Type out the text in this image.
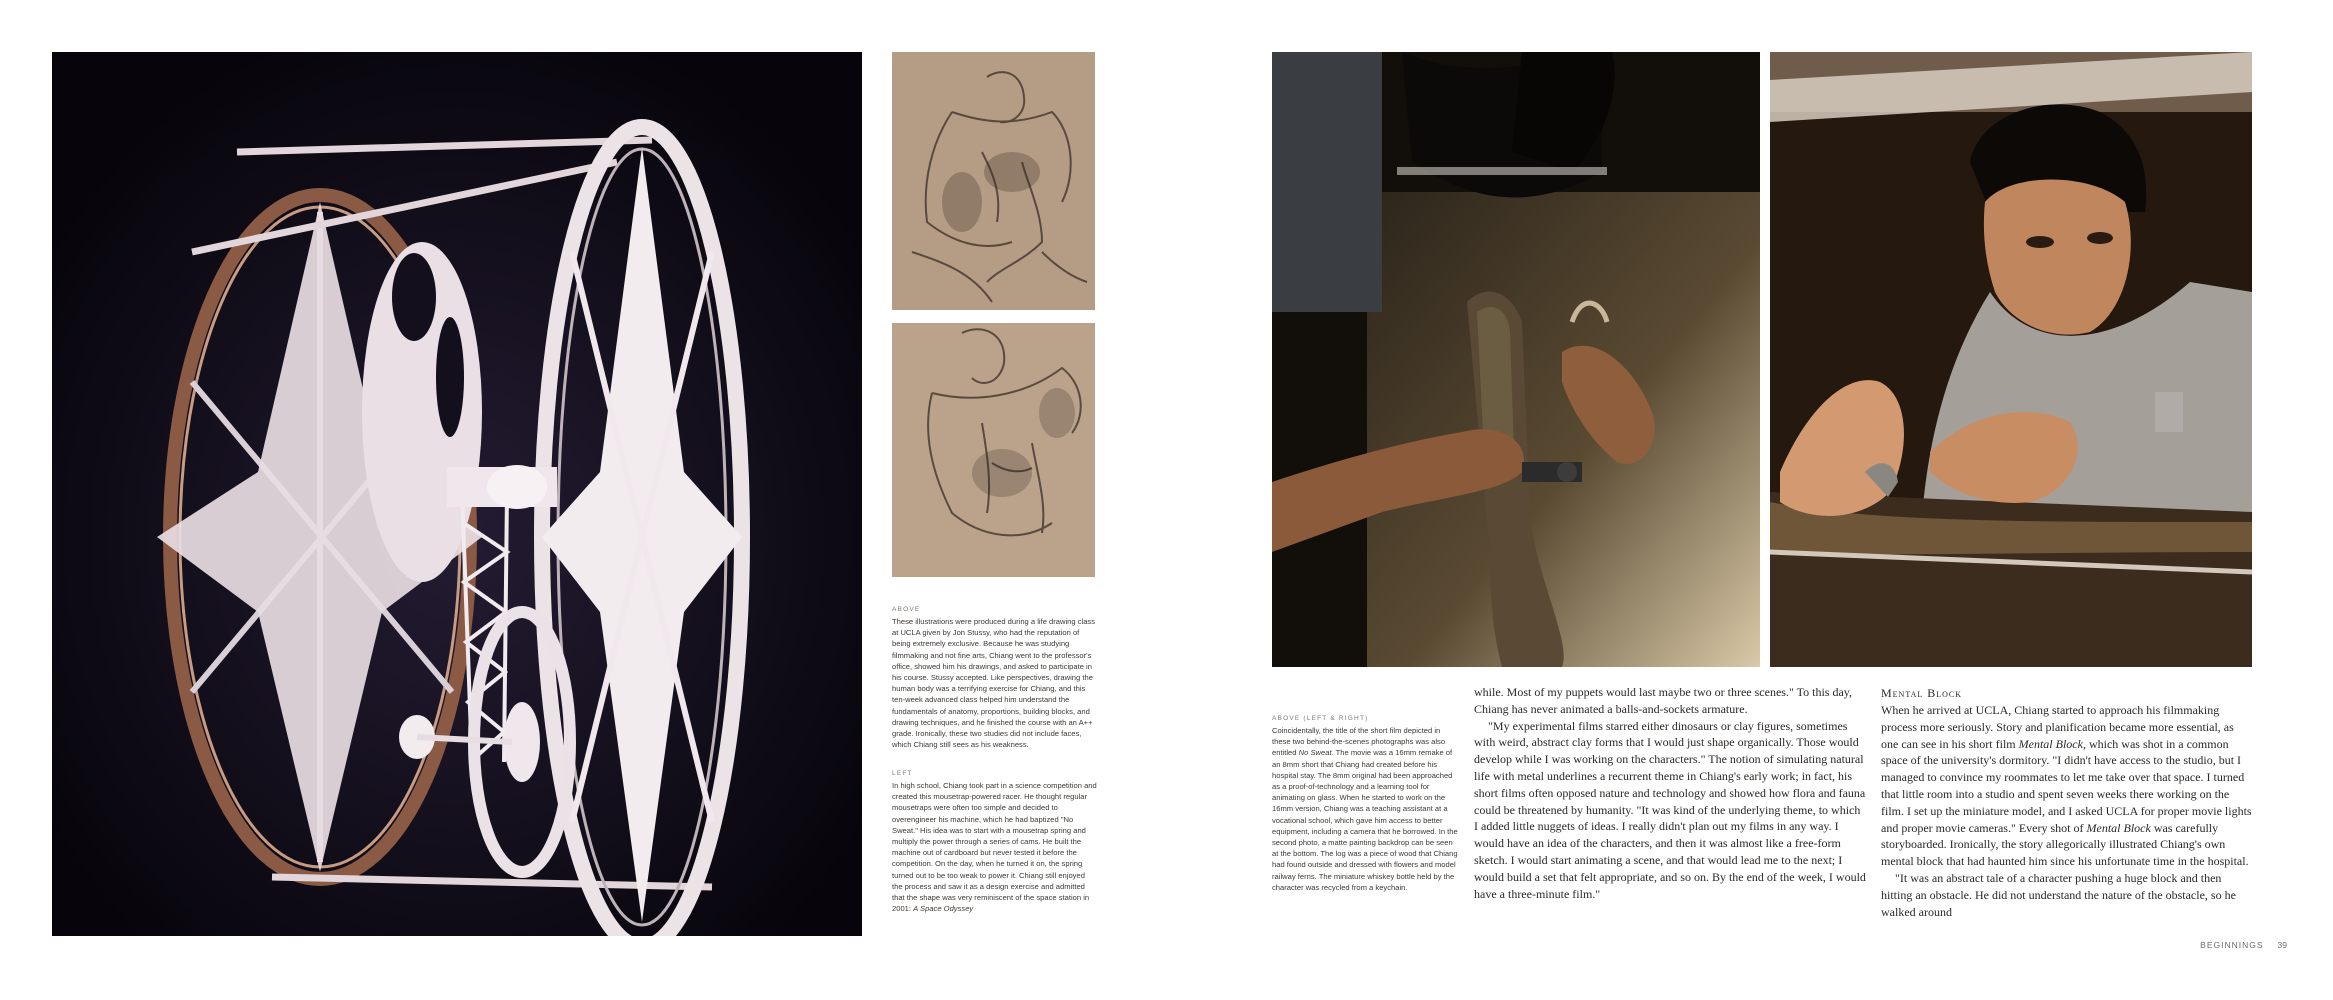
ABOVE

These illustrations were produced during a life drawing class at UCLA given by Jon Stussy, who had the reputation of being extremely exclusive. Because he was studying filmmaking and not fine arts, Chiang went to the professor's office, showed him his drawings, and asked to participate in his course. Stussy accepted. Like perspectives, drawing the human body was a terrifying exercise for Chiang, and this ten-week advanced class helped him understand the fundamentals of anatomy, proportions, building blocks, and drawing techniques, and he finished the course with an A++ grade. Ironically, these two studies did not include faces, which Chiang still sees as his weakness.

LEFT

In high school, Chiang took part in a science competition and created this mousetrap-powered racer. He thought regular mousetraps were often too simple and decided to overengineer his machine, which he had baptized "No Sweat." His idea was to start with a mousetrap spring and multiply the power through a series of cams. He built the machine out of cardboard but never tested it before the competition. On the day, when he turned it on, the spring turned out to be too weak to power it. Chiang still enjoyed the process and saw it as a design exercise and admitted that the shape was very reminiscent of the space station in 2001: A Space Odyssey

ABOVE (LEFT & RIGHT)

Coincidentally, the title of the short film depicted in these two behind-the-scenes photographs was also entitled No Sweat. The movie was a 16mm remake of an 8mm short that Chiang had created before his hospital stay. The 8mm original had been approached as a proof-of-technology and a learning tool for animating on glass. When he started to work on the 16mm version, Chiang was a teaching assistant at a vocational school, which gave him access to better equipment, including a camera that he borrowed. In the second photo, a matte painting backdrop can be seen at the bottom. The log was a piece of wood that Chiang had found outside and dressed with flowers and model railway ferns. The miniature whiskey bottle held by the character was recycled from a keychain.

while. Most of my puppets would last maybe two or three scenes." To this day, Chiang has never animated a balls-and-sockets armature.

"My experimental films starred either dinosaurs or clay figures, sometimes with weird, abstract clay forms that I would just shape organically. Those would develop while I was working on the characters." The notion of simulating natural life with metal underlines a recurrent theme in Chiang's early work; in fact, his short films often opposed nature and technology and showed how flora and fauna could be threatened by humanity. "It was kind of the underlying theme, to which I added little nuggets of ideas. I really didn't plan out my films in any way. I would have an idea of the characters, and then it was almost like a free-form sketch. I would start animating a scene, and that would lead me to the next; I would build a set that felt appropriate, and so on. By the end of the week, I would have a three-minute film."

Mental Block

When he arrived at UCLA, Chiang started to approach his filmmaking process more seriously. Story and planification became more essential, as one can see in his short film Mental Block, which was shot in a common space of the university's dormitory. "I didn't have access to the studio, but I managed to convince my roommates to let me take over that space. I turned that little room into a studio and spent seven weeks there working on the film. I set up the miniature model, and I asked UCLA for proper movie lights and proper movie cameras." Every shot of Mental Block was carefully storyboarded. Ironically, the story allegorically illustrated Chiang's own mental block that had haunted him since his unfortunate time in the hospital.

"It was an abstract tale of a character pushing a huge block and then hitting an obstacle. He did not understand the nature of the obstacle, so he walked around

BEGINNINGS 39
